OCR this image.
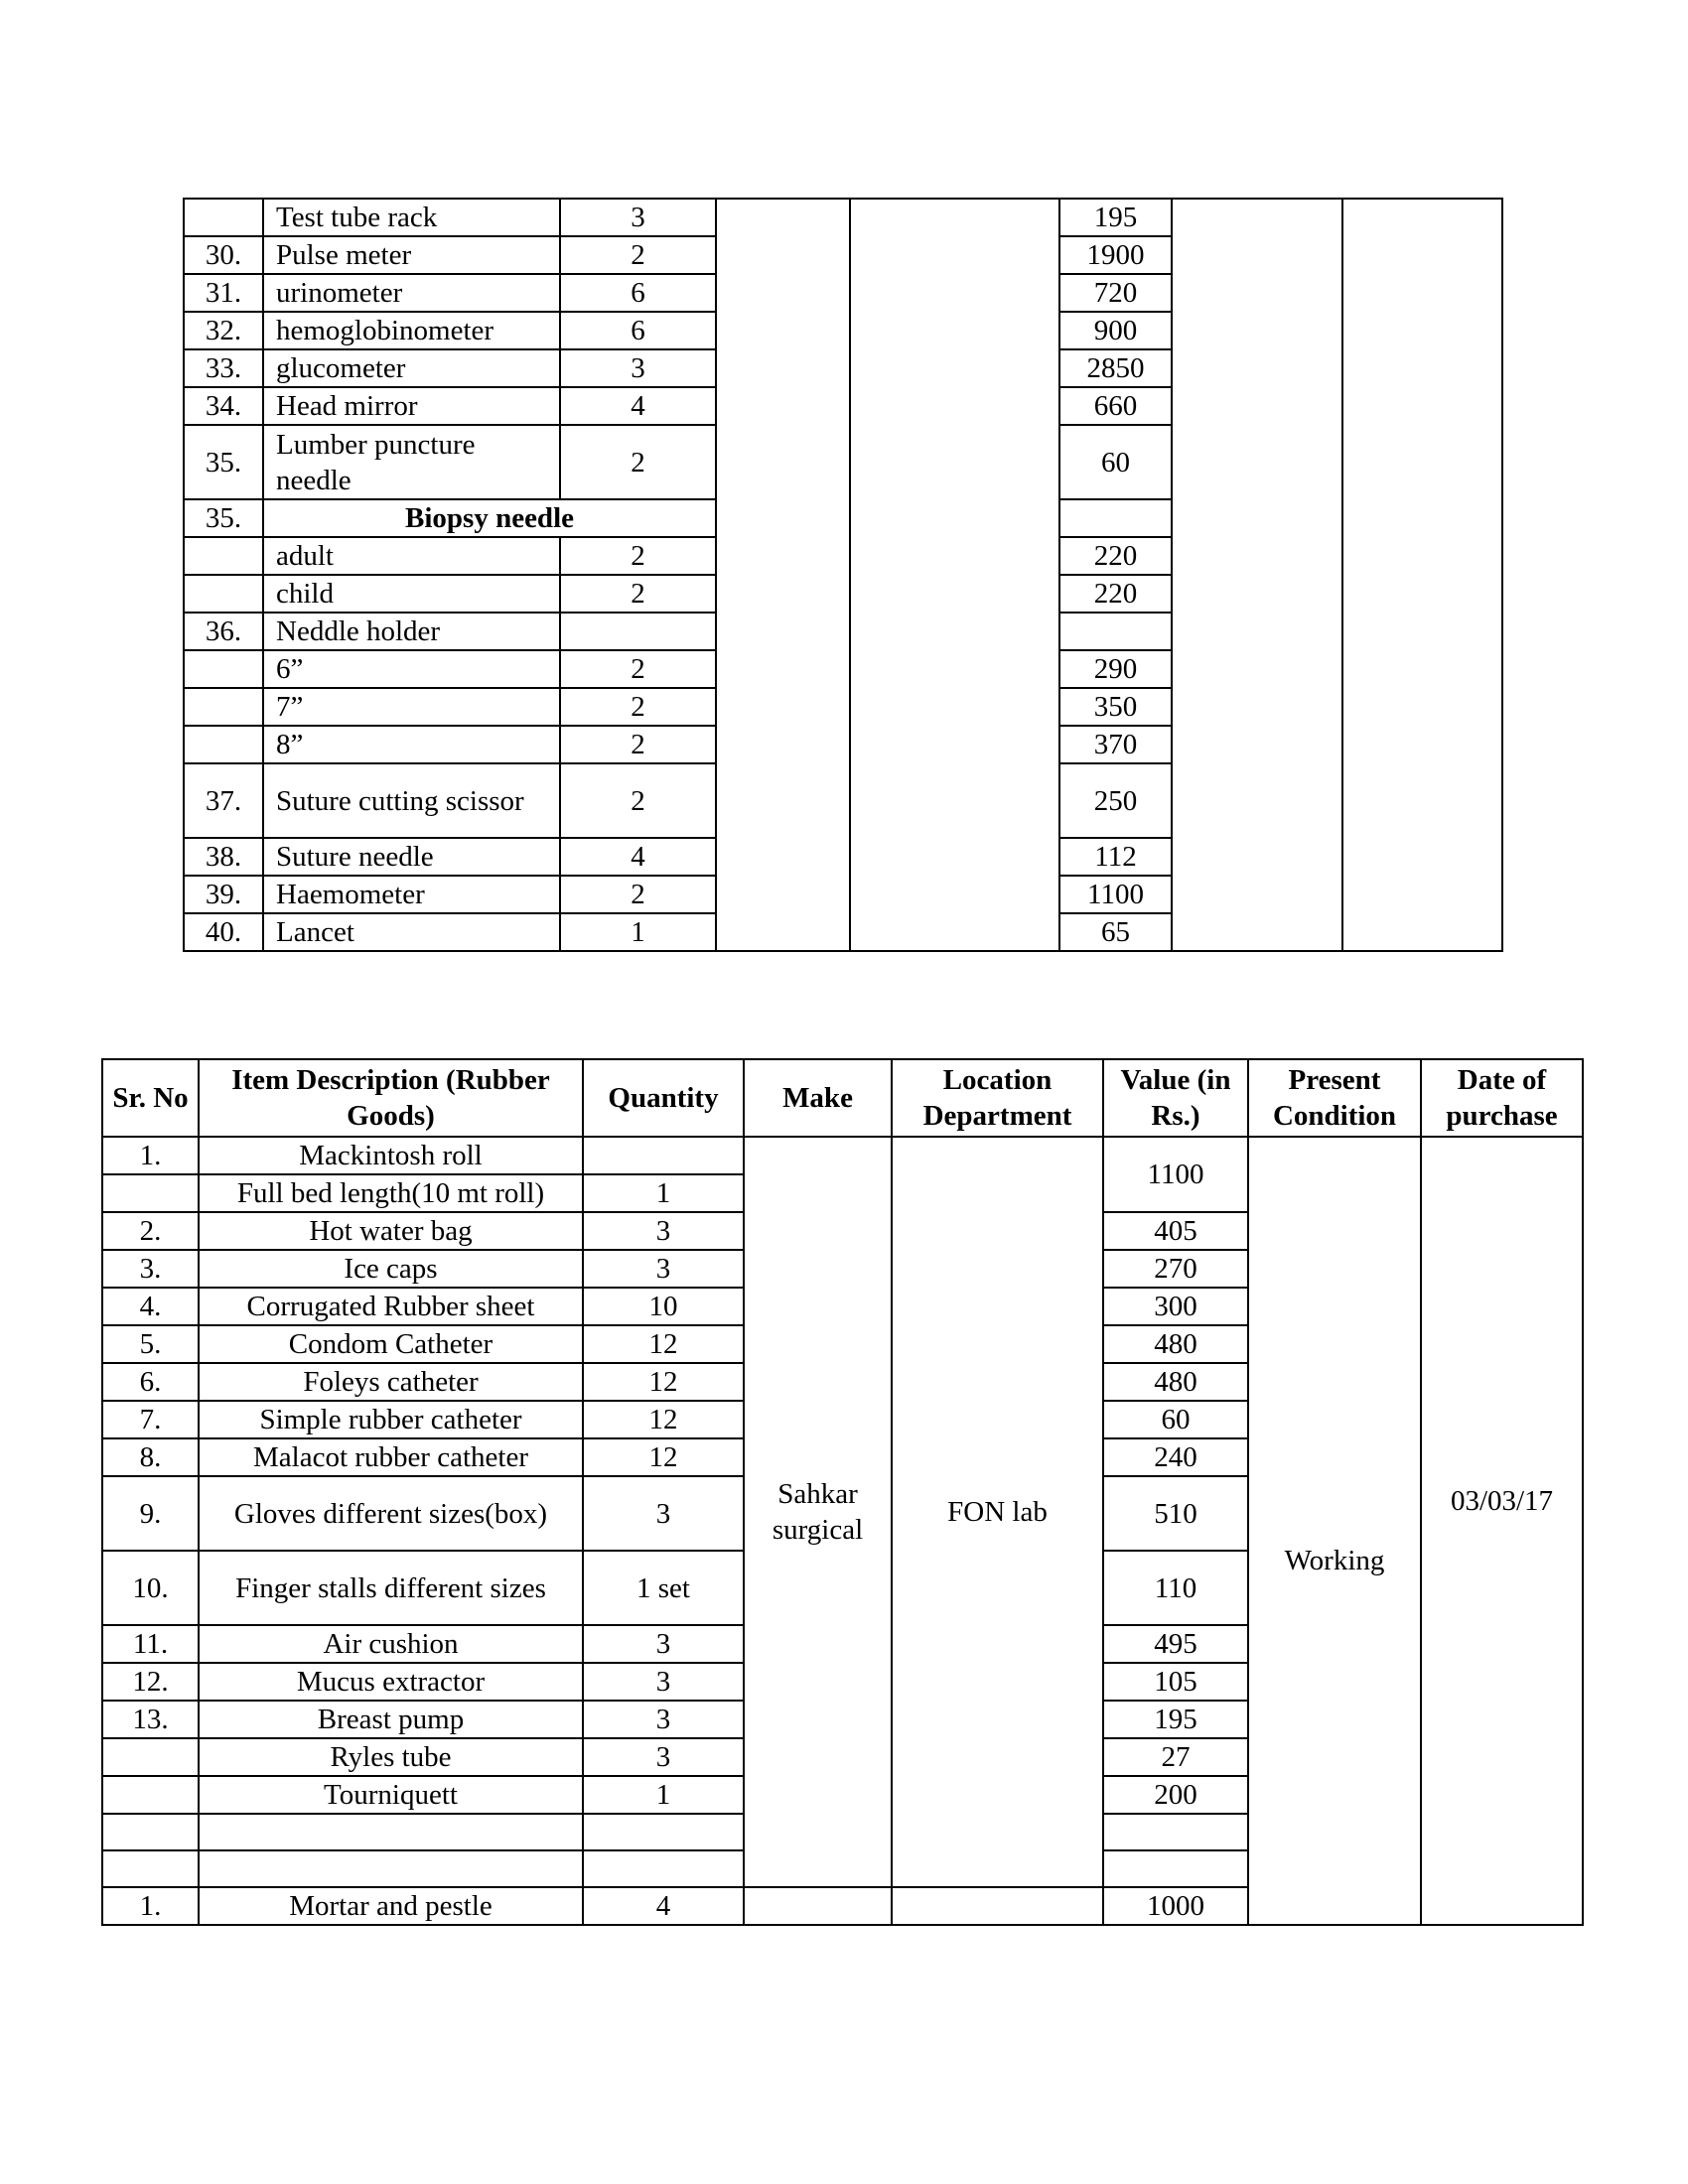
	Test tube rack	3			195		
30.	Pulse meter	2			1900		
31.	urinometer	6			720		
32.	hemoglobinometer	6			900		
33.	glucometer	3			2850		
34.	Head mirror	4			660		
35.	Lumber puncture needle	2			60		
35.	Biopsy needle						
	adult	2			220		
	child	2			220		
36.	Neddle holder						
	6”	2			290		
	7”	2			350		
	8”	2			370		
37.	Suture cutting scissor	2			250		
38.	Suture needle	4			112		
39.	Haemometer	2			1100		
40.	Lancet	1			65		
Sr. No	Item Description (Rubber Goods)	Quantity	Make	Location Department	Value (in Rs.)	Present Condition	Date of purchase
1.	Mackintosh roll		Sahkar surgical	FON lab	1100	Working	03/03/17
	Full bed length(10 mt roll)	1					
2.	Hot water bag	3			405		
3.	Ice caps	3			270		
4.	Corrugated Rubber sheet	10			300		
5.	Condom Catheter	12			480		
6.	Foleys catheter	12			480		
7.	Simple rubber catheter	12			60		
8.	Malacot rubber catheter	12			240		
9.	Gloves different sizes(box)	3			510		
10.	Finger stalls different sizes	1 set			110		
11.	Air cushion	3			495		
12.	Mucus extractor	3			105		
13.	Breast pump	3			195		
	Ryles tube	3			27		
	Tourniquett	1			200		

1.	Mortar and pestle	4			1000		
